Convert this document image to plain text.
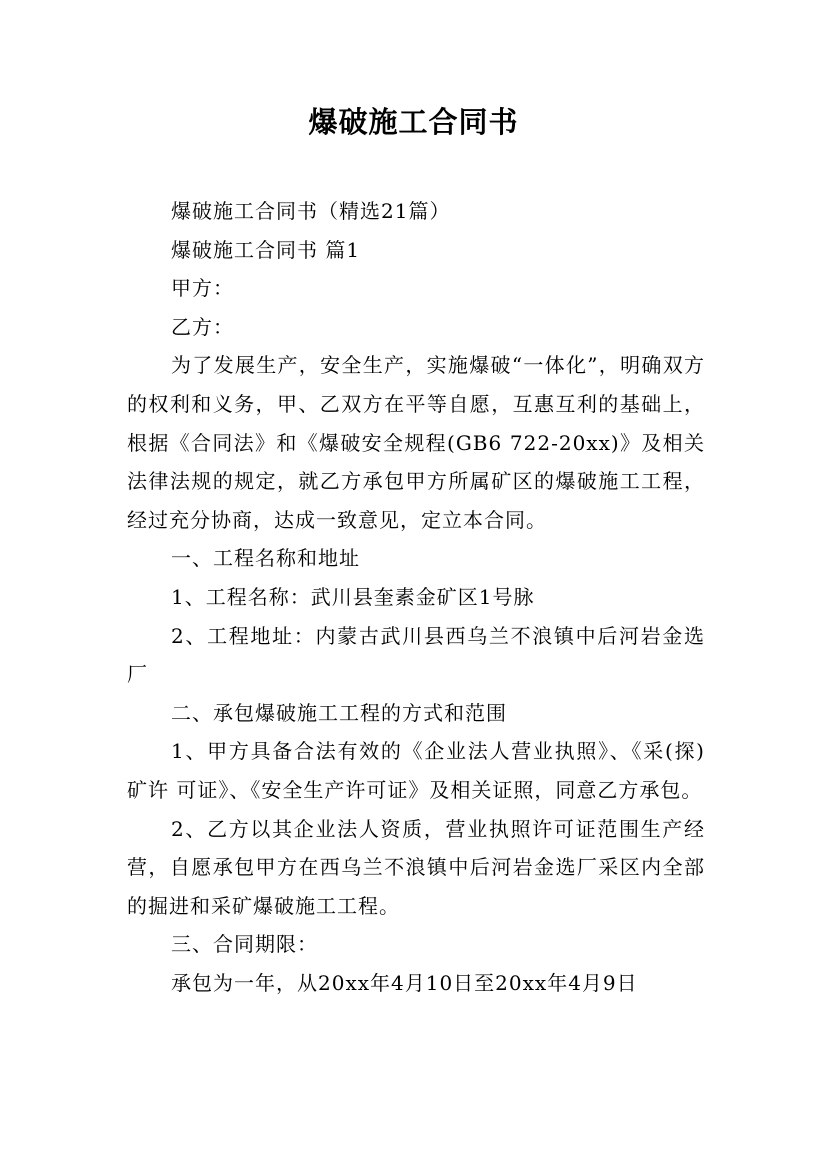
爆破施工合同书

爆破施工合同书（精选21篇）

爆破施工合同书 篇1

甲方：

乙方：

为了发展生产，安全生产，实施爆破“一体化”，明确双方的权利和义务，甲、乙双方在平等自愿，互惠互利的基础上，根据《合同法》和《爆破安全规程(GB6 722-20xx)》及相关法律法规的规定，就乙方承包甲方所属矿区的爆破施工工程，经过充分协商，达成一致意见，定立本合同。

一、工程名称和地址

1、工程名称：武川县奎素金矿区1号脉

2、工程地址：内蒙古武川县西乌兰不浪镇中后河岩金选厂

二、承包爆破施工工程的方式和范围

1、甲方具备合法有效的《企业法人营业执照》、《采(探)矿许 可证》、《安全生产许可证》及相关证照，同意乙方承包。

2、乙方以其企业法人资质，营业执照许可证范围生产经营，自愿承包甲方在西乌兰不浪镇中后河岩金选厂采区内全部的掘进和采矿爆破施工工程。

三、合同期限：

承包为一年，从20xx年4月10日至20xx年4月9日
